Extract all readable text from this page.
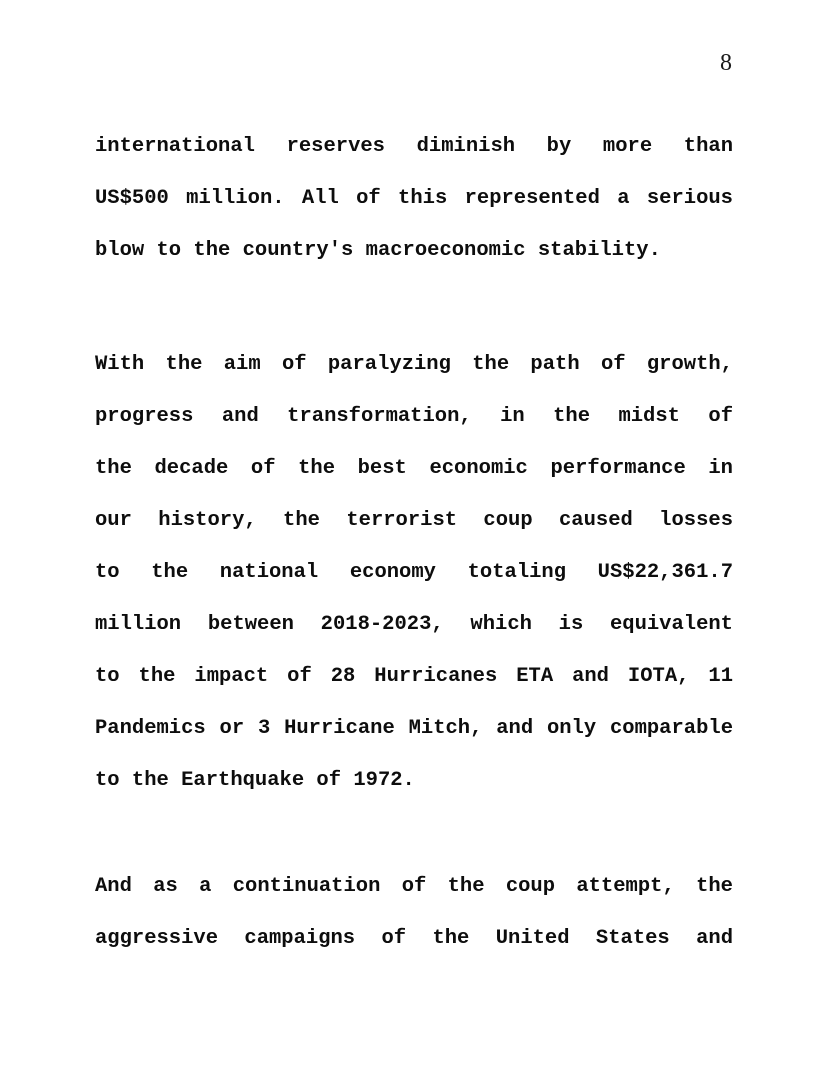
8
international reserves diminish by more than
US$500 million. All of this represented a serious
blow to the country's macroeconomic stability.
With the aim of paralyzing the path of growth,
progress and transformation, in the midst of
the decade of the best economic performance in
our history, the terrorist coup caused losses
to the national economy totaling US$22,361.7
million between 2018-2023, which is equivalent
to the impact of 28 Hurricanes ETA and IOTA, 11
Pandemics or 3 Hurricane Mitch, and only comparable
to the Earthquake of 1972.
And as a continuation of the coup attempt, the
aggressive campaigns of the United States and
